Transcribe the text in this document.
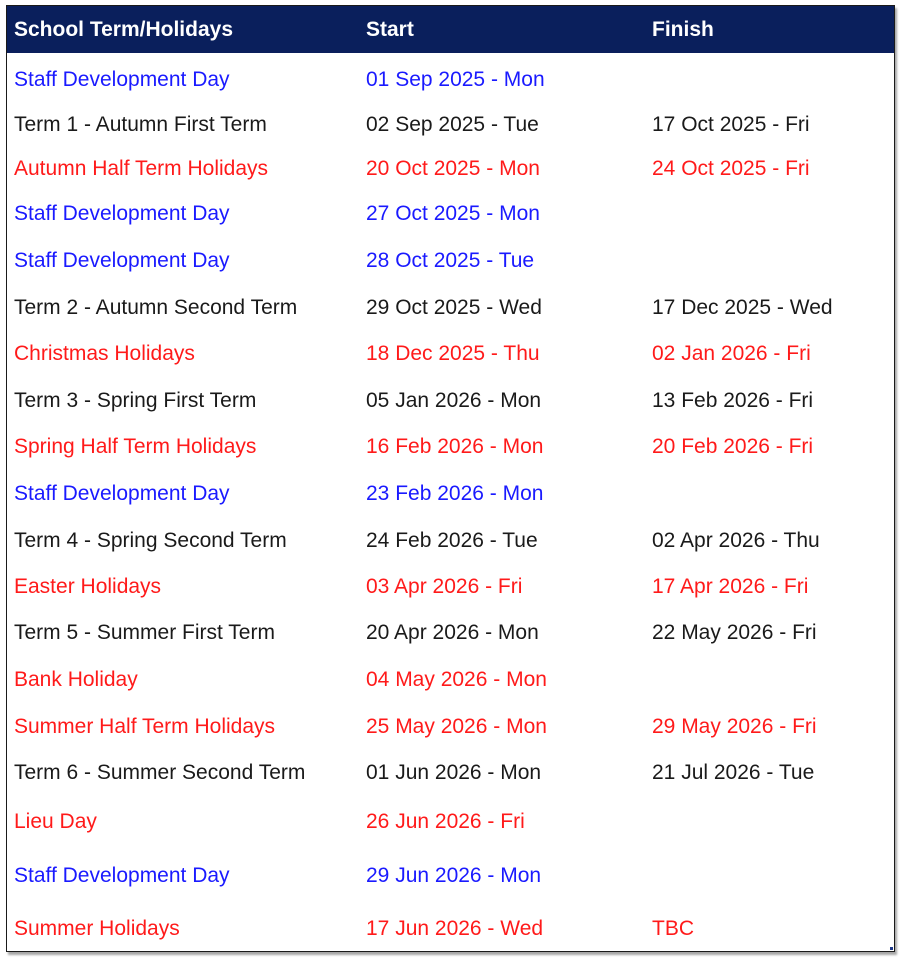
School Term/Holidays	Start	Finish
Staff Development Day	01 Sep 2025 - Mon
Term 1 - Autumn First Term	02 Sep 2025 - Tue	17 Oct 2025 - Fri
Autumn Half Term Holidays	20 Oct 2025 - Mon	24 Oct 2025 - Fri
Staff Development Day	27 Oct 2025 - Mon
Staff Development Day	28 Oct 2025 - Tue
Term 2 - Autumn Second Term	29 Oct 2025 - Wed	17 Dec 2025 - Wed
Christmas Holidays	18 Dec 2025 - Thu	02 Jan 2026 - Fri
Term 3 - Spring First Term	05 Jan 2026 - Mon	13 Feb 2026 - Fri
Spring Half Term Holidays	16 Feb 2026 - Mon	20 Feb 2026 - Fri
Staff Development Day	23 Feb 2026 - Mon
Term 4 - Spring Second Term	24 Feb 2026 - Tue	02 Apr 2026 - Thu
Easter Holidays	03 Apr 2026 - Fri	17 Apr 2026 - Fri
Term 5 - Summer First Term	20 Apr 2026 - Mon	22 May 2026 - Fri
Bank Holiday	04 May 2026 - Mon
Summer Half Term Holidays	25 May 2026 - Mon	29 May 2026 - Fri
Term 6 - Summer Second Term	01 Jun 2026 - Mon	21 Jul 2026 - Tue
Lieu Day	26 Jun 2026 - Fri
Staff Development Day	29 Jun 2026 - Mon
Summer Holidays	17 Jun 2026 - Wed	TBC
